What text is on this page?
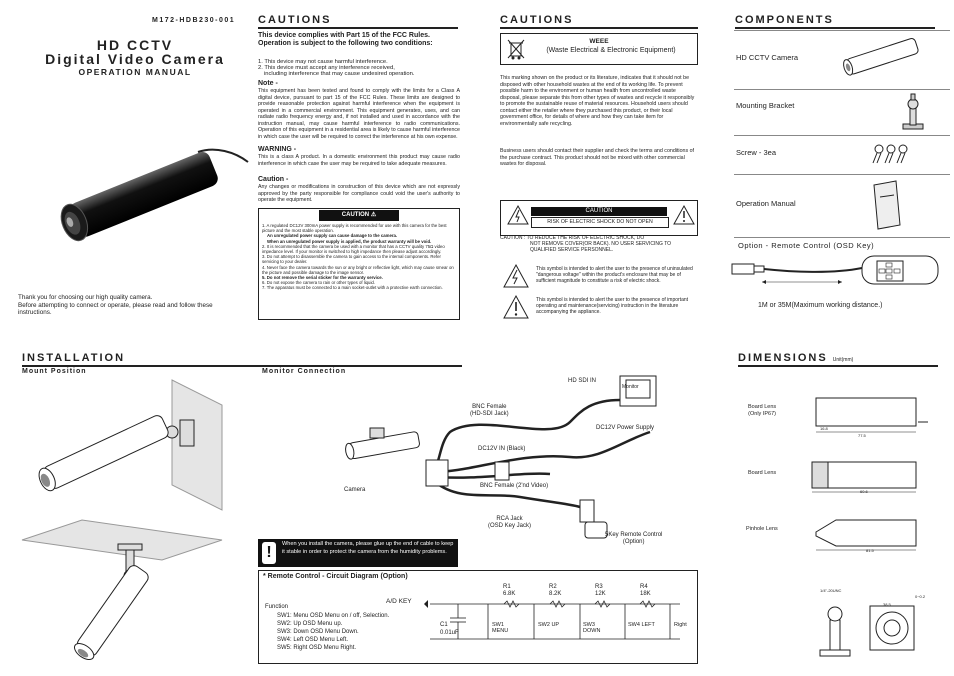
M172-HDB230-001
HD CCTV
Digital Video Camera
OPERATION MANUAL
Thank you for choosing our high quality camera.
Before attempting to connect or operate, please read and follow these instructions.
CAUTIONS
This device complies with Part 15 of the FCC Rules. Operation is subject to the following two conditions:
1. This device may not cause harmful interference.
2. This device must accept any interference received,
including interference that may cause undesired operation.
Note -
This equipment has been tested and found to comply with the limits for a Class A digital device, pursuant to part 15 of the FCC Rules. These limits are designed to provide reasonable protection against harmful interference when the equipment is operated in a commercial environment. This equipment generates, uses, and can radiate radio frequency energy and, if not installed and used in accordance with the instruction manual, may cause harmful interference to radio communications. Operation of this equipment in a residential area is likely to cause harmful interference in which case the user will be required to correct the interference at his own expense.
WARNING -
This is a class A product. In a domestic environment this product may cause radio interference in which case the user may be required to take adequate measures.
Caution -
Any changes or modifications in construction of this device which are not expressly approved by the party responsible for compliance could void the user's authority to operate the equipment.
CAUTION ⚠
1. A regulated DC12V 300mA power supply is recommended for use with this camera for the best picture and the most stable operation.
An unregulated power supply can cause damage to the camera.
When an unregulated power supply is applied, the product warranty will be void.
2. It is recommended that the camera be used with a monitor that has a CCTV quality 75Ω video impedance level. If your monitor is switched to high impedance then please adjust accordingly.
3. Do not attempt to disassemble the camera to gain access to the internal components. Refer servicing to your dealer.
4. Never face the camera towards the sun or any bright or reflective light, which may cause smear on the picture and possible damage to the image sensor.
5. Do not remove the serial sticker for the warranty service.
6. Do not expose the camera to rain or other types of liquid.
7. The apparatus must be connected to a main socket-outlet with a protective earth connection.
CAUTIONS
WEEE
(Waste Electrical & Electronic Equipment)
This marking shown on the product or its literature, indicates that it should not be disposed with other household wastes at the end of its working life. To prevent possible harm to the environment or human health from uncontrolled waste disposal, please separate this from other types of wastes and recycle it responsibly to promote the sustainable reuse of material resources. Household users should contact either the retailer where they purchased this product, or their local government office, for details of where and how they can take item for environmentally safe recycling.
Business users should contact their supplier and check the terms and conditions of the purchase contract. This product should not be mixed with other commercial wastes for disposal.
CAUTION
RISK OF ELECTRIC SHOCK DO NOT OPEN
CAUTION : TO REDUCE THE RISK OF ELECTRIC SHOCK, DO
NOT REMOVE COVER(OR BACK). NO USER SERVICING TO
QUALIFIED SERVICE PERSONNEL.
This symbol is intended to alert the user to the presence of uninsulated "dangerous voltage" within the product's enclosure that may be of sufficient magnitude to constitute a risk of electric shock.
This symbol is intended to alert the user to the presence of important operating and maintenance(servicing) instruction in the literature accompanying the appliance.
COMPONENTS
HD CCTV Camera
Mounting Bracket
Screw - 3ea
Operation Manual
Option - Remote Control (OSD Key)
1M or 35M(Maximum working distance.)
INSTALLATION
Mount Position	Monitor Connection
HD SDI IN
Monitor
BNC Female
(HD-SDI Jack)
DC12V Power Supply
DC12V IN (Black)
Camera
BNC Female (2'nd Video)
RCA Jack
(OSD Key Jack)
5Key Remote Control
(Option)
!	When you install the camera, please glue up the end of cable to keep it stable in order to protect the camera from the humidity problems.
* Remote Control - Circuit Diagram (Option)
Function
SW1: Menu OSD Menu on / off, Selection.
SW2: Up OSD Menu up.
SW3: Down OSD Menu Down.
SW4: Left OSD Menu Left.
SW5: Right OSD Menu Right.
A/D KEY
C1
0.01uF
R1
6.8K
R2
8.2K
R3
12K
R4
18K
SW1 MENU
SW2 UP	SW3 DOWN
SW4 LEFT	Right
DIMENSIONS Unit(mm)
Board Lens
(Only IP67)
16.8
77.5
Board Lens
60.6
Pinhole Lens
81.5
1/4"-20UNC
38.5
0~0.2
